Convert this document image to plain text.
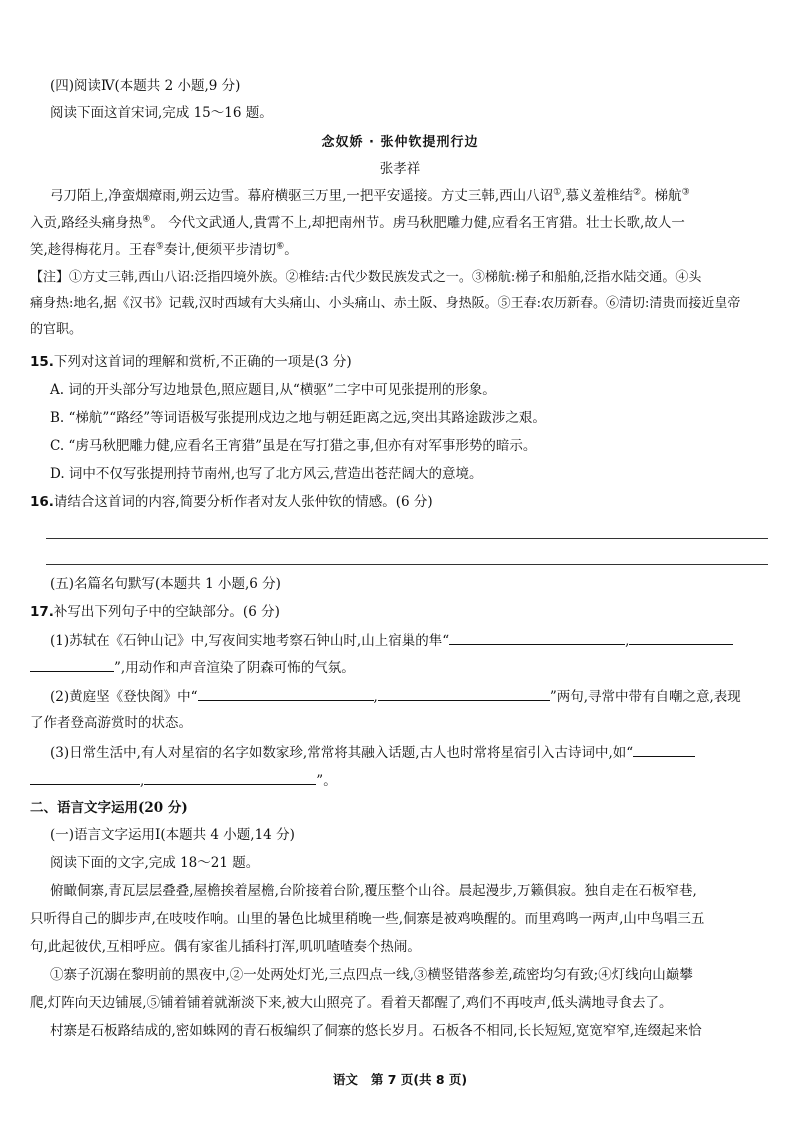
(四)阅读Ⅳ(本题共 2 小题,9 分)
阅读下面这首宋词,完成 15～16 题。
念奴娇 · 张仲钦提刑行边
张孝祥
弓刀陌上,净蛮烟瘴雨,朔云边雪。幕府横驱三万里,一把平安遥接。方丈三韩,西山八诏①,慕义羞椎结②。梯航③
入贡,路经头痛身热④。 今代文武通人,貴霄不上,却把南州节。虏马秋肥雕力健,应看名王宵猎。壮士长歌,故人一
笑,趁得梅花月。王春⑤奏计,便须平步清切⑥。
【注】①方丈三韩,西山八诏:泛指四境外族。②椎结:古代少数民族发式之一。③梯航:梯子和船舶,泛指水陆交通。④头
痛身热:地名,据《汉书》记载,汉时西域有大头痛山、小头痛山、赤土阪、身热阪。⑤王春:农历新春。⑥清切:清贵而接近皇帝
的官职。
15.下列对这首词的理解和赏析,不正确的一项是(3 分)
A. 词的开头部分写边地景色,照应题目,从“横驱”二字中可见张提刑的形象。
B. “梯航”“路经”等词语极写张提刑戍边之地与朝廷距离之远,突出其路途跋涉之艰。
C. “虏马秋肥雕力健,应看名王宵猎”虽是在写打猎之事,但亦有对军事形势的暗示。
D. 词中不仅写张提刑持节南州,也写了北方风云,营造出苍茫阔大的意境。
16.请结合这首词的内容,简要分析作者对友人张仲钦的情感。(6 分)
(五)名篇名句默写(本题共 1 小题,6 分)
17.补写出下列句子中的空缺部分。(6 分)
(1)苏轼在《石钟山记》中,写夜间实地考察石钟山时,山上宿巢的隼“	,
”,用动作和声音渲染了阴森可怖的气氛。
(2)黄庭坚《登快阁》中“	,	”两句,寻常中带有自嘲之意,表现
了作者登高游赏时的状态。
(3)日常生活中,有人对星宿的名字如数家珍,常常将其融入话题,古人也时常将星宿引入古诗词中,如“
,	”。
二、语言文字运用(20 分)
(一)语言文字运用Ⅰ(本题共 4 小题,14 分)
阅读下面的文字,完成 18～21 题。
俯瞰侗寨,青瓦层层叠叠,屋檐挨着屋檐,台阶接着台阶,覆压整个山谷。晨起漫步,万籁俱寂。独自走在石板窄巷,
只听得自己的脚步声,在吱吱作响。山里的暑色比城里稍晚一些,侗寨是被鸡唤醒的。而里鸡鸣一两声,山中鸟唱三五
句,此起彼伏,互相呼应。偶有家雀儿插科打浑,叽叽喳喳奏个热闹。
①寨子沉溺在黎明前的黑夜中,②一处两处灯光,三点四点一线,③横竖错落参差,疏密均匀有致;④灯线向山巅攀
爬,灯阵向天边铺展,⑤铺着铺着就渐淡下来,被大山照亮了。看着天都醒了,鸡们不再吱声,低头满地寻食去了。
村寨是石板路结成的,密如蛛网的青石板编织了侗寨的悠长岁月。石板各不相同,长长短短,宽宽窄窄,连缀起来恰
语文 第 7 页(共 8 页)
